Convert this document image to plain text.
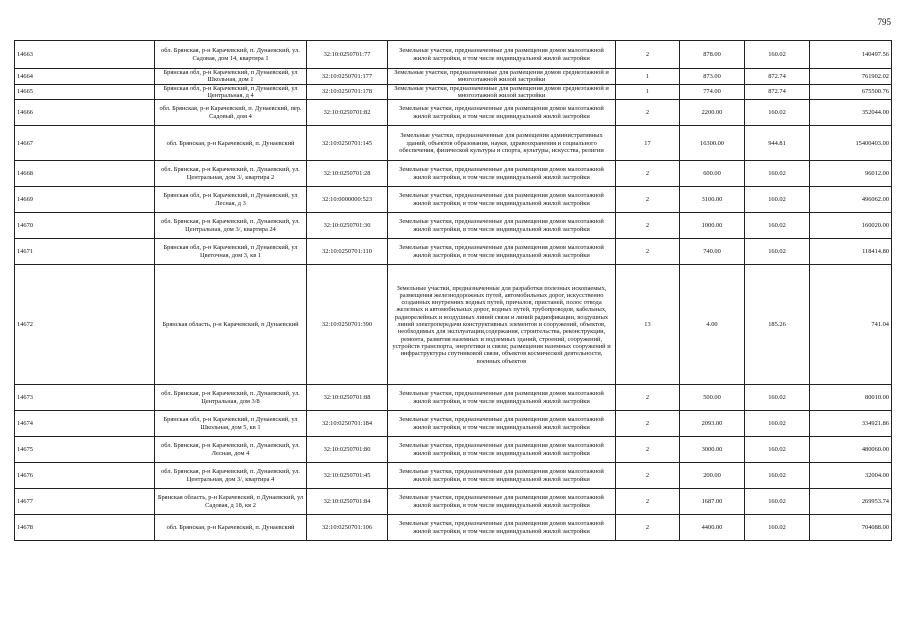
795
14663	обл. Брянская, р-н Карачевский, п. Дунаевский, ул. Садовая, дом 14, квартира 1	32:10:0250701:77	Земельные участки, предназначенные для размещения домов малоэтажной жилой застройки, в том числе индивидуальной жилой застройки	2	878.00	160.02	140497.56
14664	Брянская обл, р-н Карачевский, п Дунаевский, ул Школьная, дом 1	32:10:0250701:177	Земельные участки, предназначенные для размещения домов среднеэтажной и многоэтажной жилой застройки	1	873.00	872.74	761902.02
14665	Брянская обл, р-н Карачевский, п Дунаевский, ул Центральная, д 4	32:10:0250701:178	Земельные участки, предназначенные для размещения домов среднеэтажной и многоэтажной жилой застройки	1	774.00	872.74	675500.76
14666	обл. Брянская, р-н Карачевский, п. Дунаевский, пер. Садовый, дом 4	32:10:0250701:82	Земельные участки, предназначенные для размещения домов малоэтажной жилой застройки, в том числе индивидуальной жилой застройки	2	2200.00	160.02	352044.00
14667	обл. Брянская, р-н Карачевский, п. Дунаевский	32:10:0250701:145	Земельные участки, предназначенные для размещения административных зданий, объектов образования, науки, здравоохранения и социального обеспечения, физической культуры и спорта, культуры, искусства, религии	17	16300.00	944.81	15400403.00
14668	обл. Брянская, р-н Карачевский, п. Дунаевский, ул. Центральная, дом 3/, квартира 2	32:10:0250701:28	Земельные участки, предназначенные для размещения домов малоэтажной жилой застройки, в том числе индивидуальной жилой застройки	2	600.00	160.02	96012.00
14669	Брянская обл, р-н Карачевский, п Дунаевский, ул Лесная, д 3	32:10:0000000:523	Земельные участки, предназначенные для размещения домов малоэтажной жилой застройки, в том числе индивидуальной жилой застройки	2	3100.00	160.02	496062.00
14670	обл. Брянская, р-н Карачевский, п. Дунаевский, ул. Центральная, дом 3/, квартира 24	32:10:0250701:30	Земельные участки, предназначенные для размещения домов малоэтажной жилой застройки, в том числе индивидуальной жилой застройки	2	1000.00	160.02	160020.00
14671	Брянская обл, р-н Карачевский, п Дунаевский, ул Цветочная, дом 3, кв 1	32:10:0250701:110	Земельные участки, предназначенные для размещения домов малоэтажной жилой застройки, в том числе индивидуальной жилой застройки	2	740.00	160.02	118414.80
14672	Брянская область, р-н Карачевский, п Дунаевский	32:10:0250701:390	Земельные участки, предназначенные для разработки полезных ископаемых, размещения железнодорожных путей, автомобильных дорог, искусственно созданных внутренних водных путей, причалов, пристаней, полос отвода железных и автомобильных дорог, водных путей, трубопроводов, кабельных, радиорелейных и воздушных линий связи и линий радиофикации, воздушных линий электропередачи конструктивных элементов и сооружений, объектов, необходимых для эксплуатации,содержания, строительства, реконструкции, ремонта, развития наземных и подземных зданий, строений, сооружений, устройств транспорта, энергетики и связи; размещения наземных сооружений и инфраструктуры спутниковой связи, объектов космической деятельности, военных объектов	13	4.00	185.26	741.04
14673	обл. Брянская, р-н Карачевский, п. Дунаевский, ул. Центральная, дом 3/8	32:10:0250701:88	Земельные участки, предназначенные для размещения домов малоэтажной жилой застройки, в том числе индивидуальной жилой застройки	2	500.00	160.02	80010.00
14674	Брянская обл, р-н Карачевский, п Дунаевский, ул Школьная, дом 5, кв 1	32:10:0250701:184	Земельные участки, предназначенные для размещения домов малоэтажной жилой застройки, в том числе индивидуальной жилой застройки	2	2093.00	160.02	334921.86
14675	обл. Брянская, р-н Карачевский, п. Дунаевский, ул. Лесная, дом 4	32:10:0250701:80	Земельные участки, предназначенные для размещения домов малоэтажной жилой застройки, в том числе индивидуальной жилой застройки	2	3000.00	160.02	480060.00
14676	обл. Брянская, р-н Карачевский, п. Дунаевский, ул. Центральная, дом 3/, квартира 4	32:10:0250701:45	Земельные участки, предназначенные для размещения домов малоэтажной жилой застройки, в том числе индивидуальной жилой застройки	2	200.00	160.02	32004.00
14677	Брянская область, р-н Карачевский, п Дунаевский, ул Садовая, д 18, кв 2	32:10:0250701:84	Земельные участки, предназначенные для размещения домов малоэтажной жилой застройки, в том числе индивидуальной жилой застройки	2	1687.00	160.02	269953.74
14678	обл. Брянская, р-н Карачевский, п. Дунаевский	32:10:0250701:106	Земельные участки, предназначенные для размещения домов малоэтажной жилой застройки, в том числе индивидуальной жилой застройки	2	4400.00	160.02	704088.00
